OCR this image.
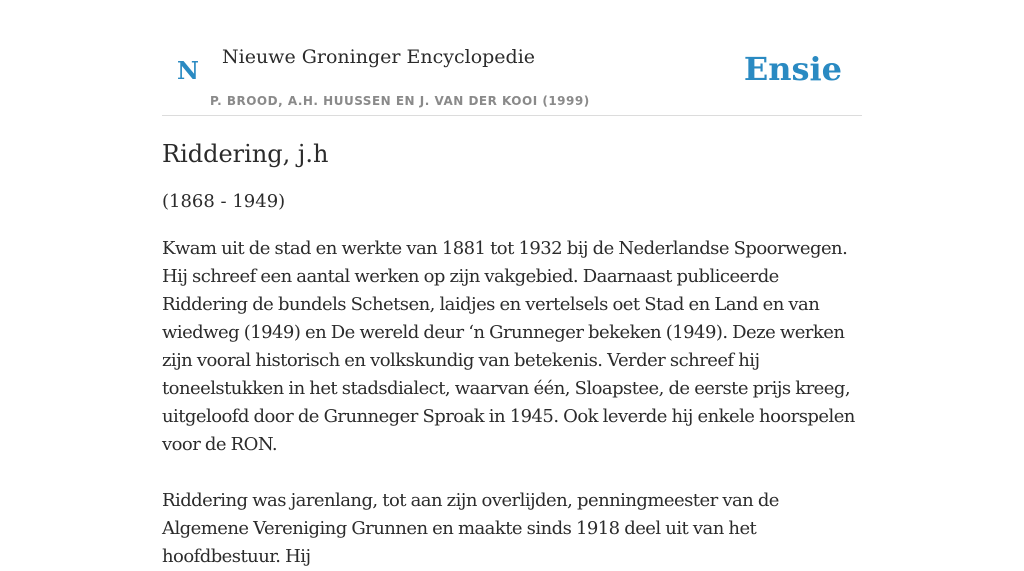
N Nieuwe Groninger Encyclopedie
P. BROOD, A.H. HUUSSEN EN J. VAN DER KOOI (1999)
Ensie
Riddering, j.h

(1868 - 1949)

Kwam uit de stad en werkte van 1881 tot 1932 bij de Nederlandse Spoorwegen. Hij schreef een aantal werken op zijn vakgebied. Daarnaast publiceerde Riddering de bundels Schetsen, laidjes en vertelsels oet Stad en Land en van wiedweg (1949) en De wereld deur ‘n Grunneger bekeken (1949). Deze werken zijn vooral historisch en volkskundig van betekenis. Verder schreef hij toneelstukken in het stadsdialect, waarvan één, Sloapstee, de eerste prijs kreeg, uitgeloofd door de Grunneger Sproak in 1945. Ook leverde hij enkele hoorspelen voor de RON.

Riddering was jarenlang, tot aan zijn overlijden, penningmeester van de Algemene Vereniging Grunnen en maakte sinds 1918 deel uit van het hoofdbestuur. Hij
